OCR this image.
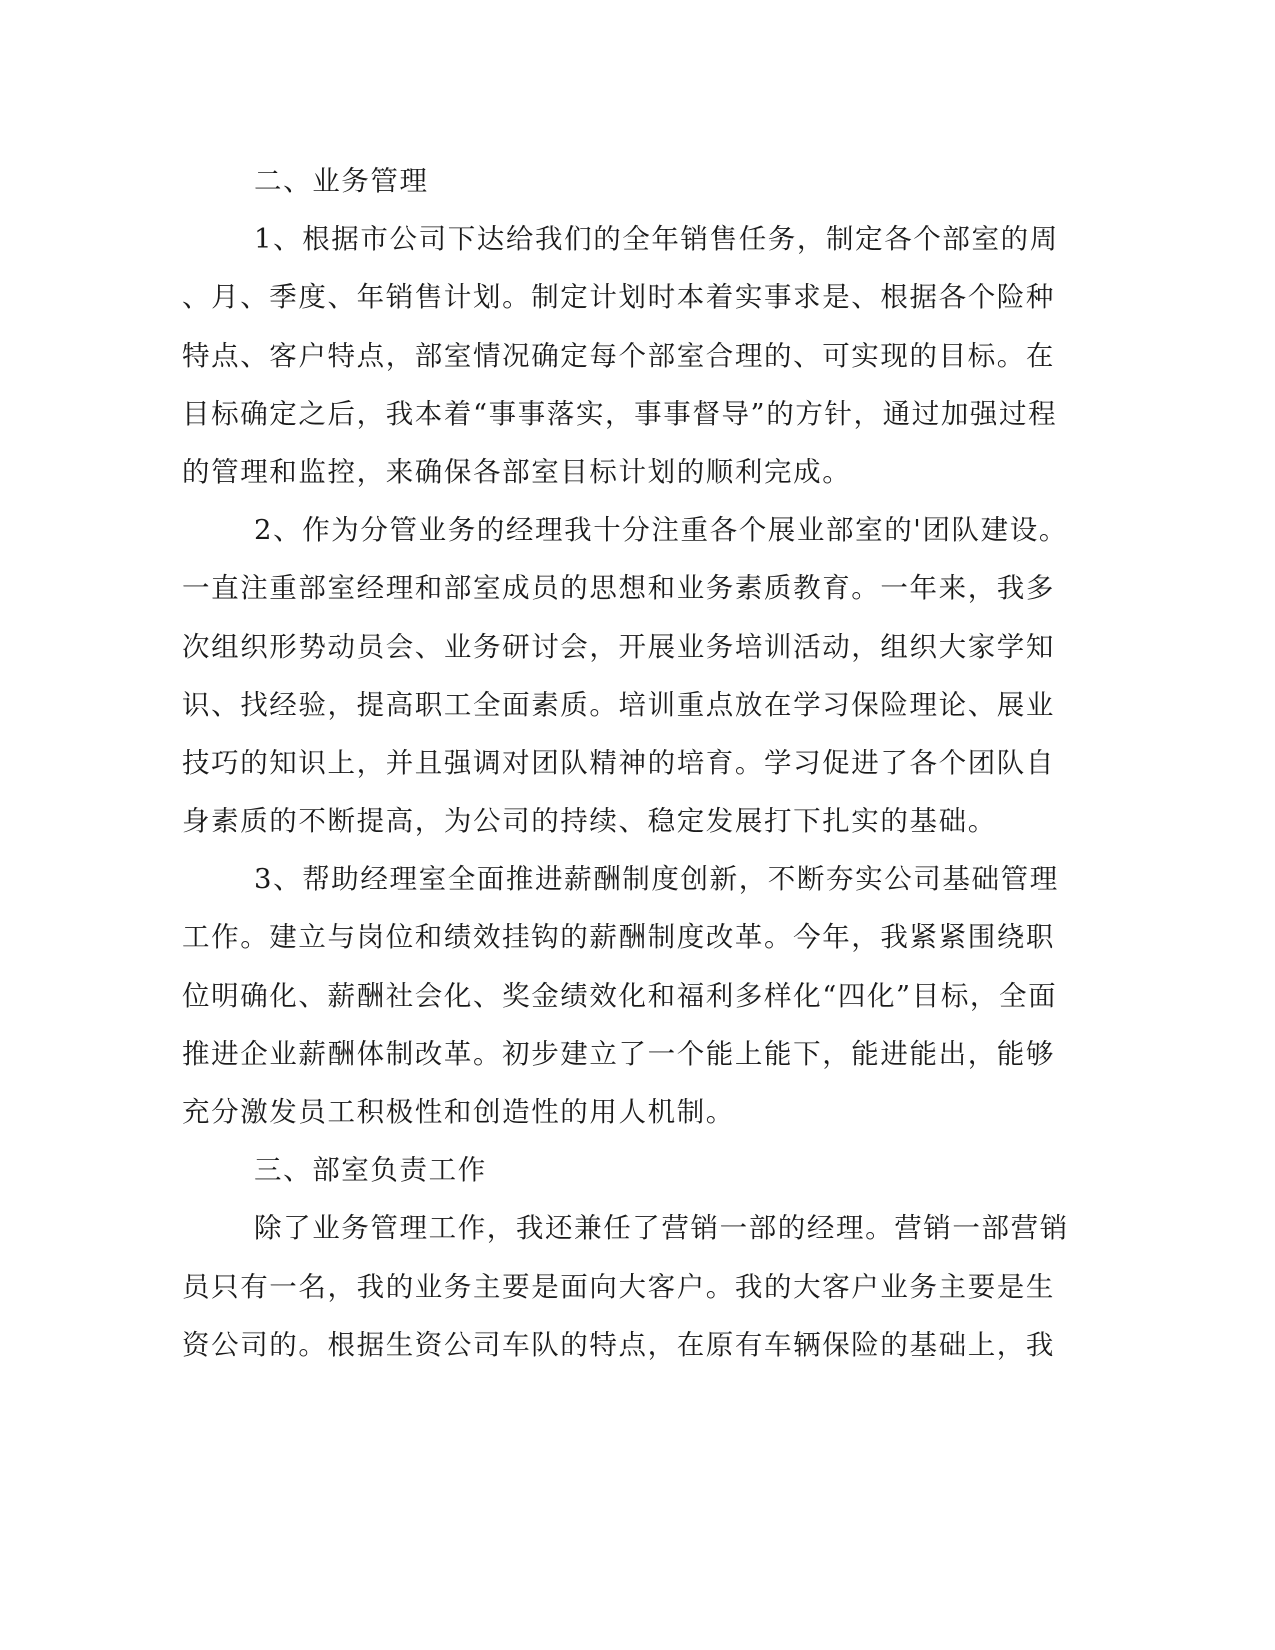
二、业务管理
1、根据市公司下达给我们的全年销售任务，制定各个部室的周
、月、季度、年销售计划。制定计划时本着实事求是、根据各个险种
特点、客户特点，部室情况确定每个部室合理的、可实现的目标。在
目标确定之后，我本着“事事落实，事事督导”的方针，通过加强过程
的管理和监控，来确保各部室目标计划的顺利完成。
2、作为分管业务的经理我十分注重各个展业部室的'团队建设。
一直注重部室经理和部室成员的思想和业务素质教育。一年来，我多
次组织形势动员会、业务研讨会，开展业务培训活动，组织大家学知
识、找经验，提高职工全面素质。培训重点放在学习保险理论、展业
技巧的知识上，并且强调对团队精神的培育。学习促进了各个团队自
身素质的不断提高，为公司的持续、稳定发展打下扎实的基础。
3、帮助经理室全面推进薪酬制度创新，不断夯实公司基础管理
工作。建立与岗位和绩效挂钩的薪酬制度改革。今年，我紧紧围绕职
位明确化、薪酬社会化、奖金绩效化和福利多样化“四化”目标，全面
推进企业薪酬体制改革。初步建立了一个能上能下，能进能出，能够
充分激发员工积极性和创造性的用人机制。
三、部室负责工作
除了业务管理工作，我还兼任了营销一部的经理。营销一部营销
员只有一名，我的业务主要是面向大客户。我的大客户业务主要是生
资公司的。根据生资公司车队的特点，在原有车辆保险的基础上，我
